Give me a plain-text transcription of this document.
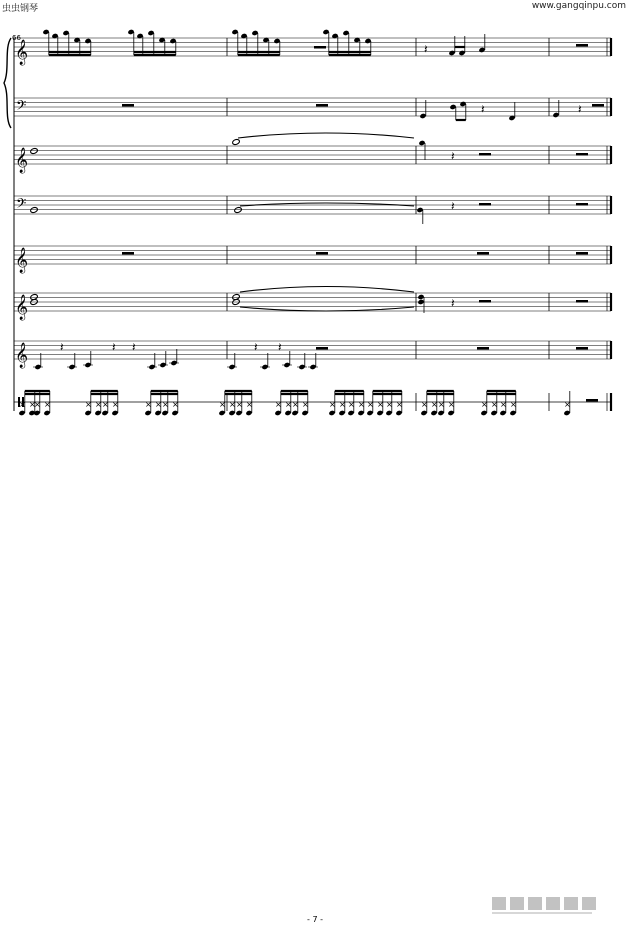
虫虫钢琴	www.gangqinpu.com
66
𝄞
𝄢
𝄞
𝄢
𝄞
𝄞
𝄞
𝄽
𝄽	𝄽
𝄽
𝄽
𝄽
𝄽	𝄽 𝄽	𝄽 𝄽
× ×
× ×	× × × ×	× × × ×	× × × ×	× × × ×	× × × × × × × × × × × ×	× × × ×	×
- 7 -
